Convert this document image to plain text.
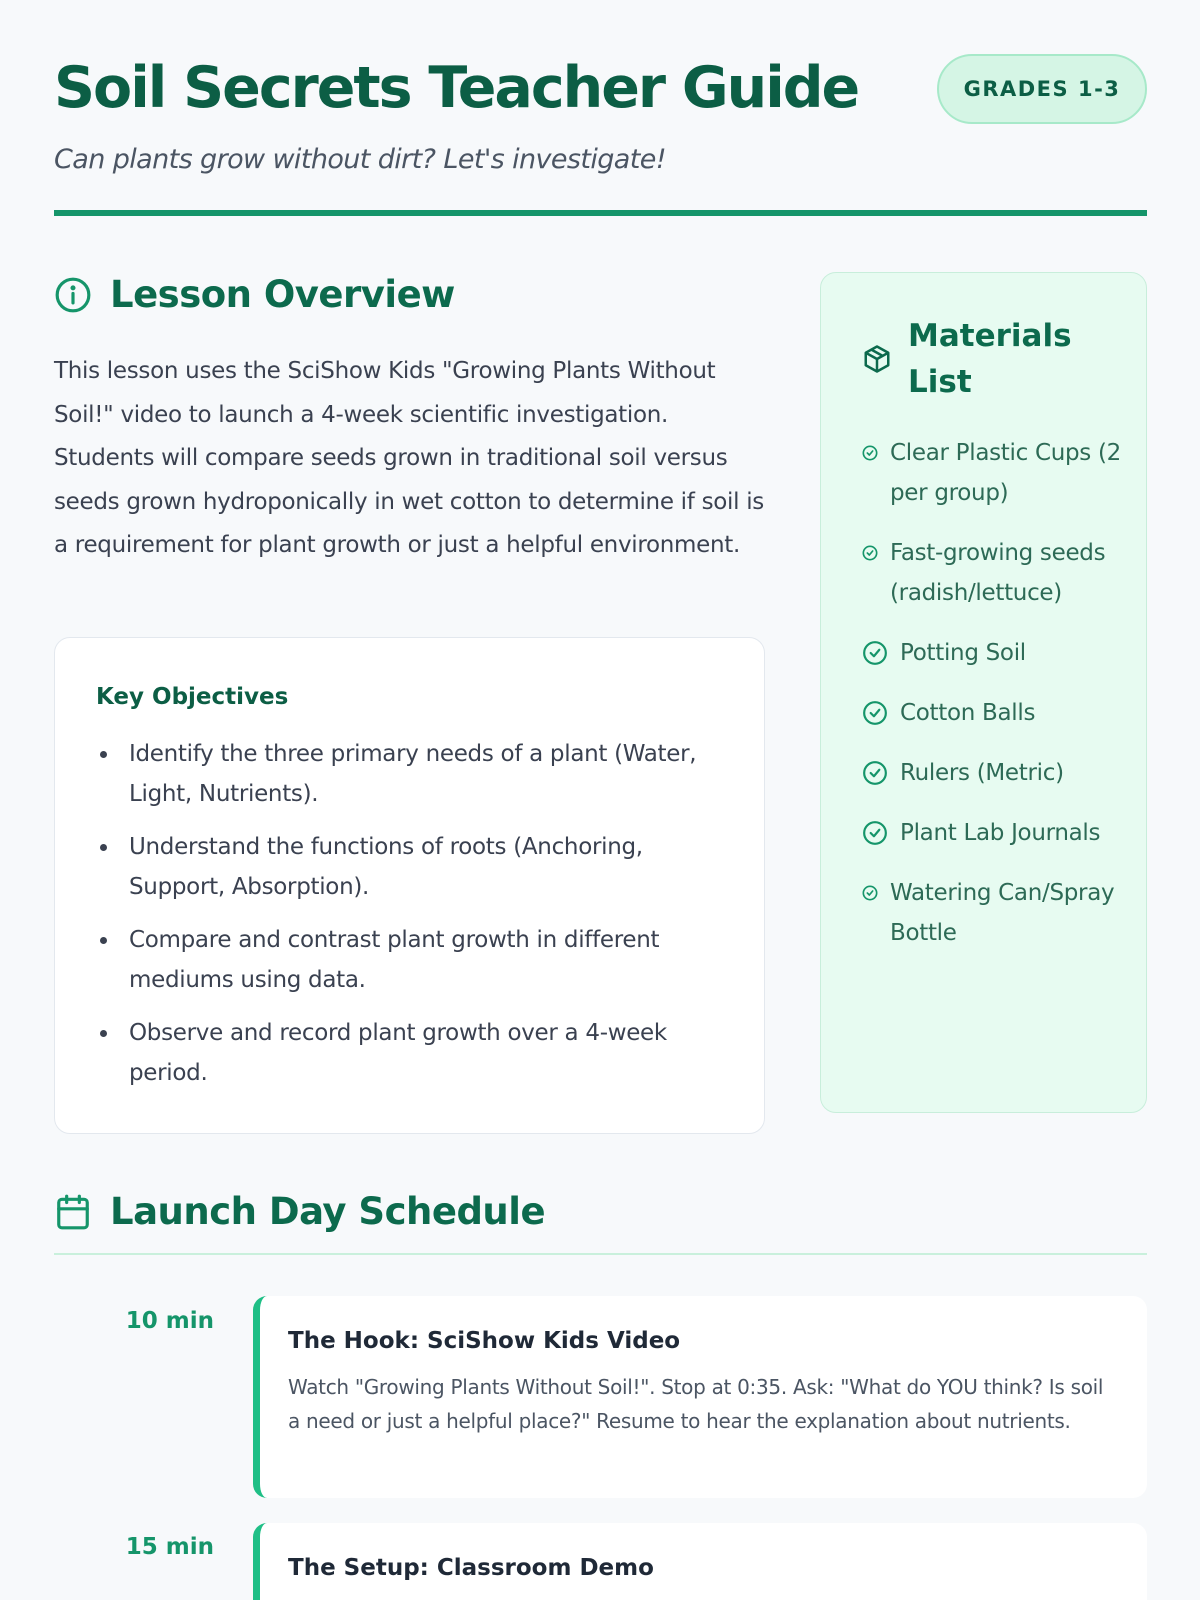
Soil Secrets Teacher Guide

Can plants grow without dirt? Let's investigate!

GRADES 1-3
Lesson Overview

This lesson uses the SciShow Kids "Growing Plants Without Soil!" video to launch a 4-week scientific investigation. Students will compare seeds grown in traditional soil versus seeds grown hydroponically in wet cotton to determine if soil is a requirement for plant growth or just a helpful environment.

Key Objectives
Identify the three primary needs of a plant (Water, Light, Nutrients).
Understand the functions of roots (Anchoring, Support, Absorption).
Compare and contrast plant growth in different mediums using data.
Observe and record plant growth over a 4-week period.
Materials List
Clear Plastic Cups (2 per group)
Fast-growing seeds (radish/lettuce)
Potting Soil
Cotton Balls
Rulers (Metric)
Plant Lab Journals
Watering Can/Spray Bottle
Launch Day Schedule
10 min
The Hook: SciShow Kids Video
Watch "Growing Plants Without Soil!". Stop at 0:35. Ask: "What do YOU think? Is soil a need or just a helpful place?" Resume to hear the explanation about nutrients.
15 min
The Setup: Classroom Demo
